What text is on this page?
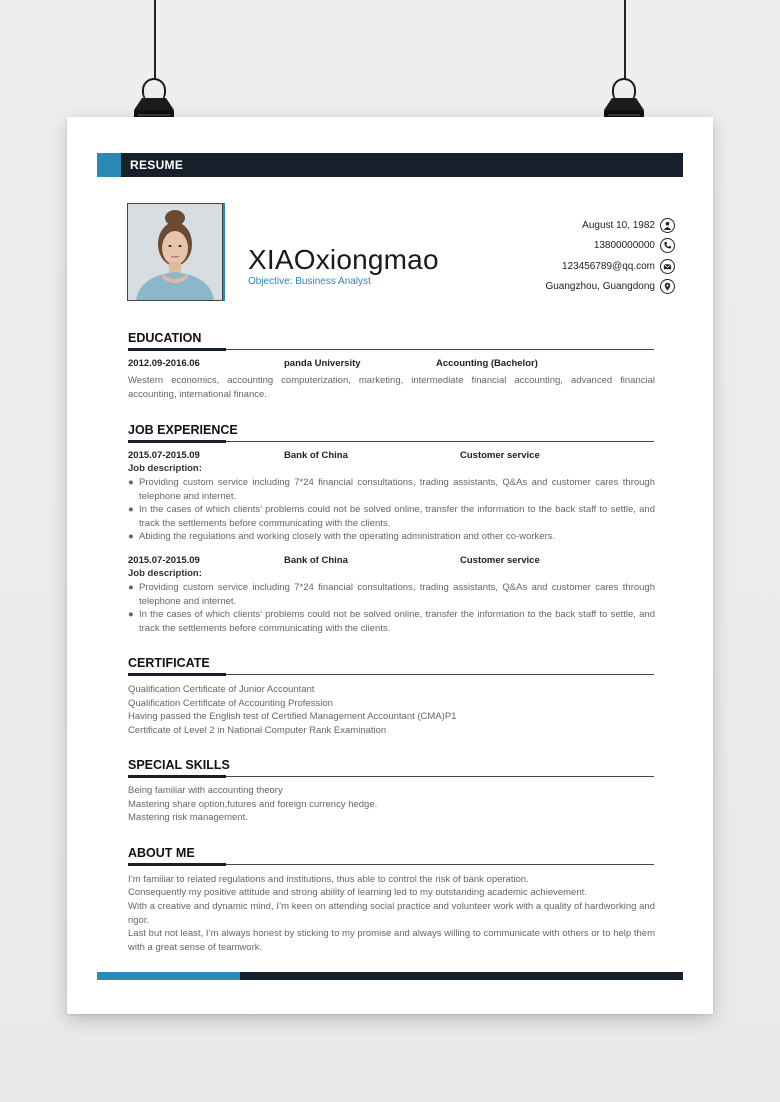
RESUME
XIAOxiongmao
Objective: Business Analyst
August 10, 1982
13800000000
123456789@qq.com
Guangzhou, Guangdong
EDUCATION
2012.09-2016.06	panda University	Accounting (Bachelor)
Western economics, accounting computerization, marketing, intermediate financial accounting, advanced financial accounting, international finance.
JOB EXPERIENCE
2015.07-2015.09	Bank of China	Customer service
Job description:
● Providing custom service including 7*24 financial consultations, trading assistants, Q&As and customer cares through telephone and internet.
● In the cases of which clients’ problems could not be solved online, transfer the information to the back staff to settle, and track the settlements before communicating with the clients.
● Abiding the regulations and working closely with the operating administration and other co-workers.
2015.07-2015.09	Bank of China	Customer service
Job description:
● Providing custom service including 7*24 financial consultations, trading assistants, Q&As and customer cares through telephone and internet.
● In the cases of which clients’ problems could not be solved online, transfer the information to the back staff to settle, and track the settlements before communicating with the clients.
CERTIFICATE
Qualification Certificate of Junior Accountant
Qualification Certificate of Accounting Profession
Having passed the English test of Certified Management Accountant (CMA)P1
Certificate of Level 2 in National Computer Rank Examination
SPECIAL SKILLS
Being familiar with accounting theory
Mastering share option,futures and foreign currency hedge.
Mastering risk management.
ABOUT ME
I’m familiar to related regulations and institutions, thus able to control the risk of bank operation.
Consequently my positive attitude and strong ability of learning led to my outstanding academic achievement.
With a creative and dynamic mind, I’m keen on attending social practice and volunteer work with a quality of hardworking and rigor.
Last but not least, I’m always honest by sticking to my promise and always willing to communicate with others or to help them with a great sense of teamwork.
